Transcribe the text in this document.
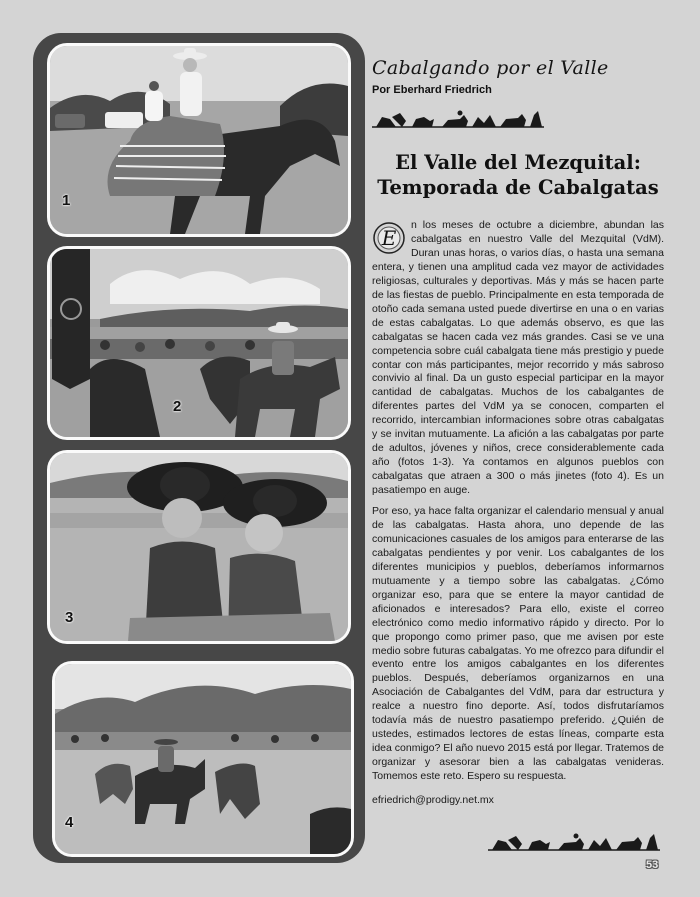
1
2
3
4
Cabalgando por el Valle
Por Eberhard Friedrich
El Valle del Mezquital:
Temporada de Cabalgatas
E
n los meses de octubre a diciembre, abundan las cabalgatas en nuestro Valle del Mezquital (VdM). Duran unas horas, o varios días, o hasta una semana entera, y tienen una amplitud cada vez mayor de actividades religiosas, culturales y deportivas. Más y más se hacen parte de las fiestas de pueblo. Principalmente en esta temporada de otoño cada semana usted puede divertirse en una o en varias de estas cabalgatas. Lo que además observo, es que las cabalgatas se hacen cada vez más grandes. Casi se ve una competencia sobre cuál cabalgata tiene más prestigio y puede contar con más participantes, mejor recorrido y más sabroso convivio al final. Da un gusto especial participar en la mayor cantidad de cabalgatas. Muchos de los cabalgantes de diferentes partes del VdM ya se conocen, comparten el recorrido, intercambian informaciones sobre otras cabalgatas y se invitan mutuamente. La afición a las cabalgatas por parte de adultos, jóvenes y niños, crece considerablemente cada año (fotos 1-3). Ya contamos en algunos pueblos con cabalgatas que atraen a 300 o más jinetes (foto 4). Es un pasatiempo en auge.
Por eso, ya hace falta organizar el calendario mensual y anual de las cabalgatas. Hasta ahora, uno depende de las comunicaciones casuales de los amigos para enterarse de las cabalgatas pendientes y por venir. Los cabalgantes de los diferentes municipios y pueblos, deberíamos informarnos mutuamente y a tiempo sobre las cabalgatas. ¿Cómo organizar eso, para que se entere la mayor cantidad de aficionados e interesados? Para ello, existe el correo electrónico como medio informativo rápido y directo. Por lo que propongo como primer paso, que me avisen por este medio sobre futuras cabalgatas. Yo me ofrezco para difundir el evento entre los amigos cabalgantes en los diferentes pueblos. Después, deberíamos organizarnos en una Asociación de Cabalgantes del VdM, para dar estructura y realce a nuestro fino deporte. Así, todos disfrutaríamos todavía más de nuestro pasatiempo preferido. ¿Quién de ustedes, estimados lectores de estas líneas, comparte esta idea conmigo? El año nuevo 2015 está por llegar. Tratemos de organizar y asesorar bien a las cabalgatas venideras. Tomemos este reto. Espero su respuesta.
efriedrich@prodigy.net.mx
53
